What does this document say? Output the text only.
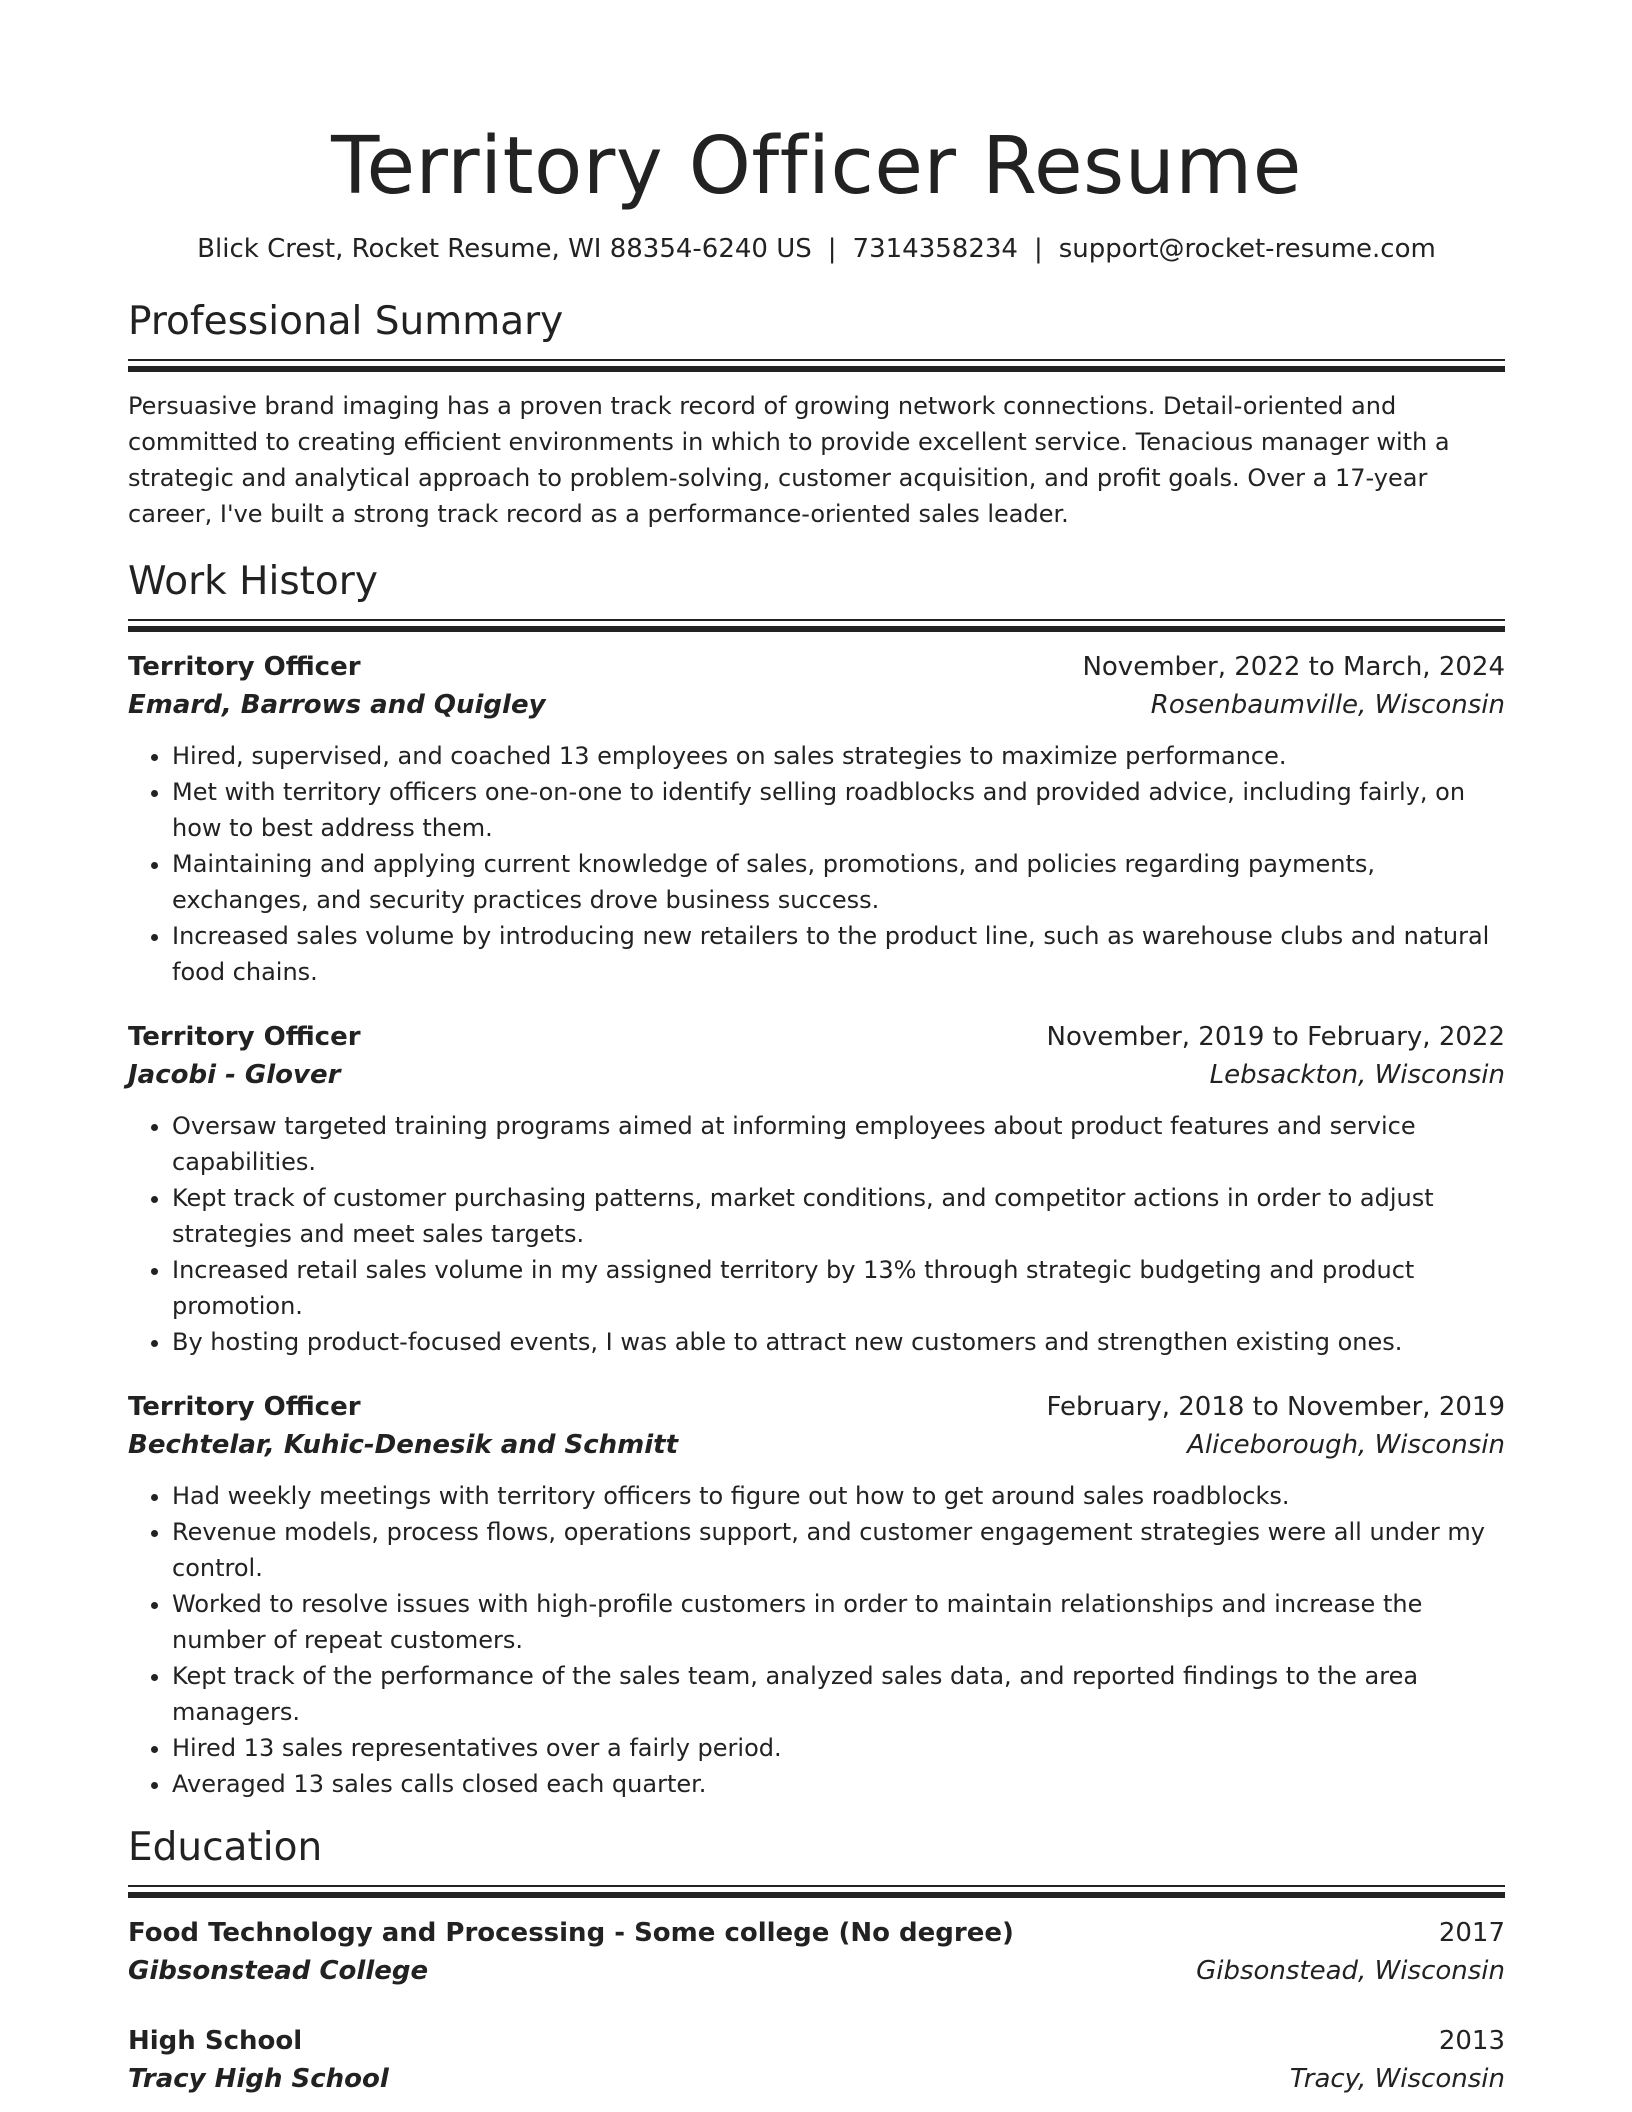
Territory Officer Resume
Blick Crest, Rocket Resume, WI 88354-6240 US | 7314358234 | support@rocket-resume.com
Professional Summary

Persuasive brand imaging has a proven track record of growing network connections. Detail-oriented and committed to creating efficient environments in which to provide excellent service. Tenacious manager with a strategic and analytical approach to problem-solving, customer acquisition, and profit goals. Over a 17-year career, I've built a strong track record as a performance-oriented sales leader.

Work History
Territory Officer	November, 2022 to March, 2024
Emard, Barrows and Quigley	Rosenbaumville, Wisconsin
• Hired, supervised, and coached 13 employees on sales strategies to maximize performance.
• Met with territory officers one-on-one to identify selling roadblocks and provided advice, including fairly, on how to best address them.
• Maintaining and applying current knowledge of sales, promotions, and policies regarding payments, exchanges, and security practices drove business success.
• Increased sales volume by introducing new retailers to the product line, such as warehouse clubs and natural food chains.
Territory Officer	November, 2019 to February, 2022
Jacobi - Glover	Lebsackton, Wisconsin
• Oversaw targeted training programs aimed at informing employees about product features and service capabilities.
• Kept track of customer purchasing patterns, market conditions, and competitor actions in order to adjust strategies and meet sales targets.
• Increased retail sales volume in my assigned territory by 13% through strategic budgeting and product promotion.
• By hosting product-focused events, I was able to attract new customers and strengthen existing ones.
Territory Officer	February, 2018 to November, 2019
Bechtelar, Kuhic-Denesik and Schmitt	Aliceborough, Wisconsin
• Had weekly meetings with territory officers to figure out how to get around sales roadblocks.
• Revenue models, process flows, operations support, and customer engagement strategies were all under my control.
• Worked to resolve issues with high-profile customers in order to maintain relationships and increase the number of repeat customers.
• Kept track of the performance of the sales team, analyzed sales data, and reported findings to the area managers.
• Hired 13 sales representatives over a fairly period.
• Averaged 13 sales calls closed each quarter.
Education
Food Technology and Processing - Some college (No degree)	2017
Gibsonstead College	Gibsonstead, Wisconsin
High School	2013
Tracy High School	Tracy, Wisconsin
